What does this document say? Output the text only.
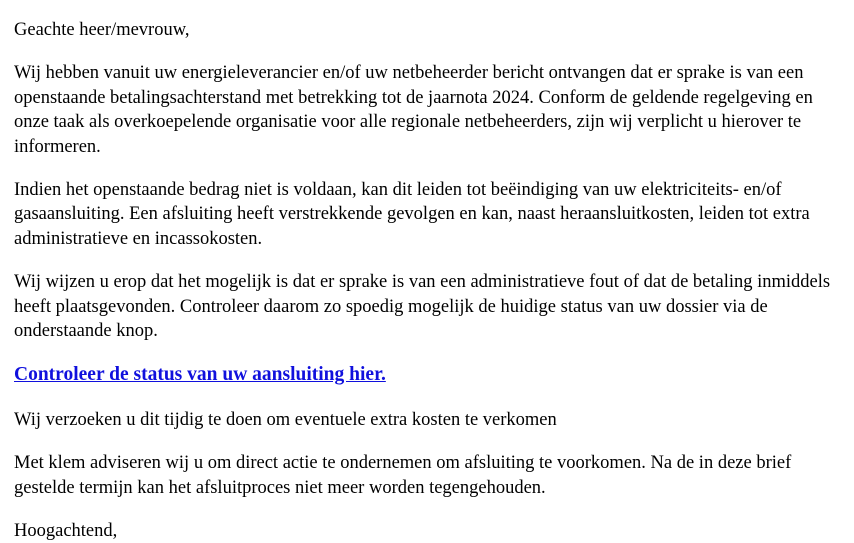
Geachte heer/mevrouw,

Wij hebben vanuit uw energieleverancier en/of uw netbeheerder bericht ontvangen dat er sprake is van een openstaande betalingsachterstand met betrekking tot de jaarnota 2024. Conform de geldende regelgeving en onze taak als overkoepelende organisatie voor alle regionale netbeheerders, zijn wij verplicht u hierover te informeren.

Indien het openstaande bedrag niet is voldaan, kan dit leiden tot beëindiging van uw elektriciteits- en/of gasaansluiting. Een afsluiting heeft verstrekkende gevolgen en kan, naast heraansluitkosten, leiden tot extra administratieve en incassokosten.

Wij wijzen u erop dat het mogelijk is dat er sprake is van een administratieve fout of dat de betaling inmiddels heeft plaatsgevonden. Controleer daarom zo spoedig mogelijk de huidige status van uw dossier via de onderstaande knop.

Controleer de status van uw aansluiting hier.

Wij verzoeken u dit tijdig te doen om eventuele extra kosten te verkomen

Met klem adviseren wij u om direct actie te ondernemen om afsluiting te voorkomen. Na de in deze brief gestelde termijn kan het afsluitproces niet meer worden tegengehouden.

Hoogachtend,
